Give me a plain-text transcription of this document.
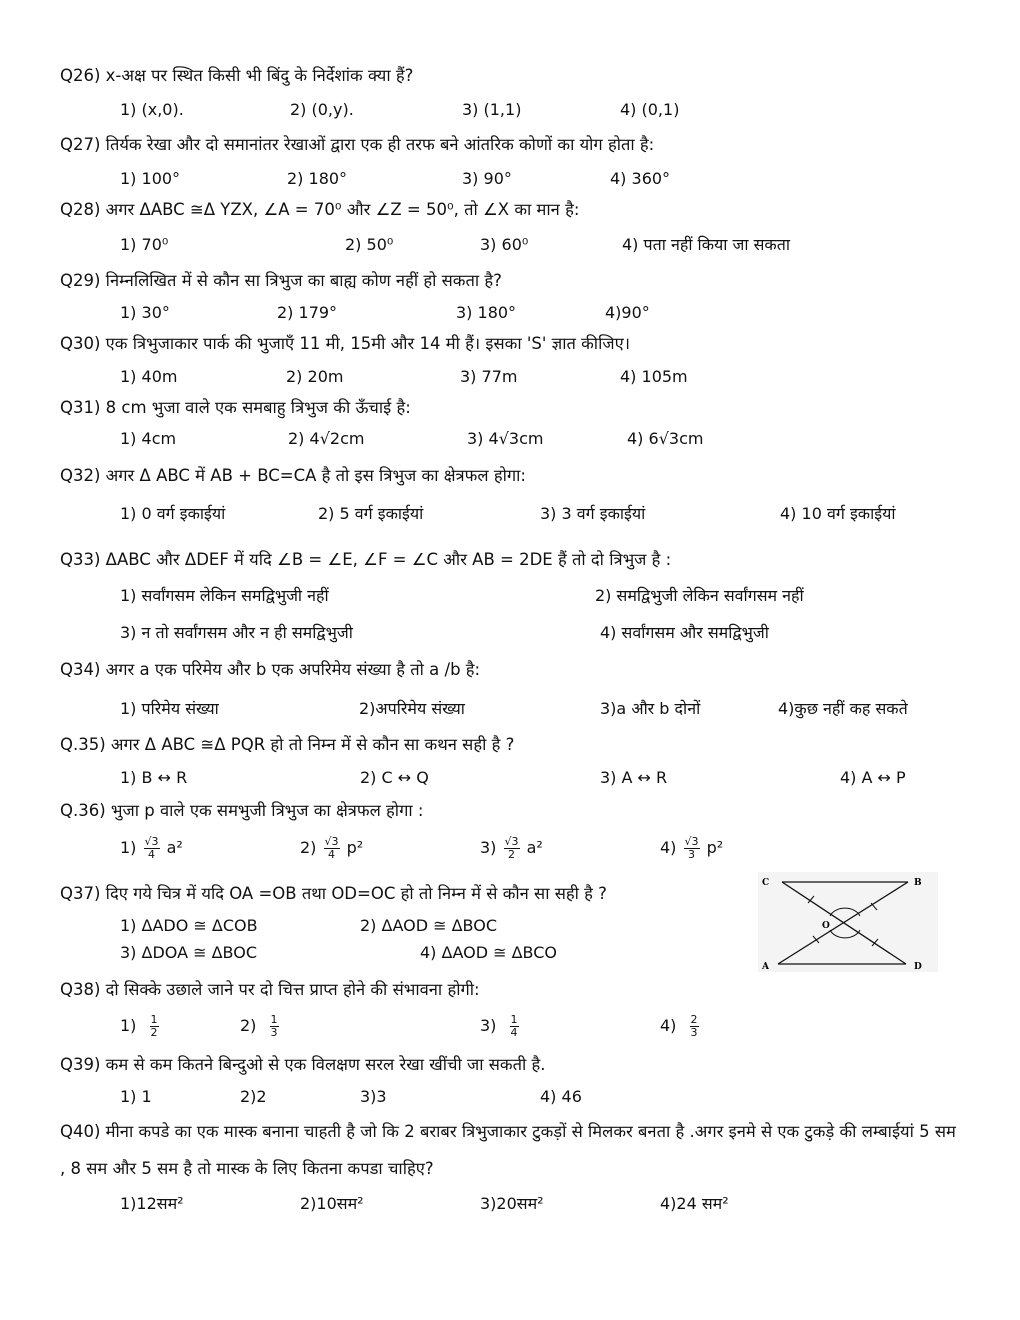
Q26) x-अक्ष पर स्थित किसी भी बिंदु के निर्देशांक क्या हैं?
1) (x,0).	2) (0,y).	3) (1,1)	4) (0,1)
Q27) तिर्यक रेखा और दो समानांतर रेखाओं द्वारा एक ही तरफ बने आंतरिक कोणों का योग होता है:
1) 100°	2) 180°	3) 90°	4) 360°
Q28) अगर ΔABC ≅Δ YZX, ∠A = 70⁰ और ∠Z = 50⁰, तो ∠X का मान है:
1) 70⁰	2) 50⁰	3) 60⁰	4) पता नहीं किया जा सकता
Q29) निम्नलिखित में से कौन सा त्रिभुज का बाह्य कोण नहीं हो सकता है?
1) 30°	2) 179°	3) 180°	4)90°
Q30) एक त्रिभुजाकार पार्क की भुजाएँ 11 मी, 15मी और 14 मी हैं। इसका 'S' ज्ञात कीजिए।
1) 40m	2) 20m	3) 77m	4) 105m
Q31) 8 cm भुजा वाले एक समबाहु त्रिभुज की ऊँचाई है:
1) 4cm	2) 4√2cm	3) 4√3cm	4) 6√3cm
Q32) अगर Δ ABC में AB + BC=CA है तो इस त्रिभुज का क्षेत्रफल होगा:
1) 0 वर्ग इकाईयां	2) 5 वर्ग इकाईयां	3) 3 वर्ग इकाईयां	4) 10 वर्ग इकाईयां
Q33) ΔABC और ΔDEF में यदि ∠B = ∠E, ∠F = ∠C और AB = 2DE हैं तो दो त्रिभुज है :
1) सर्वांगसम लेकिन समद्विभुजी नहीं	2) समद्विभुजी लेकिन सर्वांगसम नहीं
3) न तो सर्वांगसम और न ही समद्विभुजी	4) सर्वांगसम और समद्विभुजी
Q34) अगर a एक परिमेय और b एक अपरिमेय संख्या है तो a /b है:
1) परिमेय संख्या	2)अपरिमेय संख्या	3)a और b दोनों	4)कुछ नहीं कह सकते
Q.35) अगर Δ ABC ≅Δ PQR हो तो निम्न में से कौन सा कथन सही है ?
1) B ↔ R	2) C ↔ Q	3) A ↔ R	4) A ↔ P
Q.36) भुजा p वाले एक समभुजी त्रिभुज का क्षेत्रफल होगा :
$1) \frac{√3}{4} a^2$	$2) \frac{√3}{4} p^2$	$3) \frac{√3}{2} a^2$	$4) \frac{√3}{3} p^2$
Q37) दिए गये चित्र में यदि OA =OB तथा OD=OC हो तो निम्न में से कौन सा सही है ?
1) ΔADO ≅ ΔCOB	2) ΔAOD ≅ ΔBOC
3) ΔDOA ≅ ΔBOC	4) ΔAOD ≅ ΔBCO
C	B
O
A	D
Q38) दो सिक्के उछाले जाने पर दो चित्त प्राप्त होने की संभावना होगी:
$1) \frac{1}{2}$	$2) \frac{1}{3}$	$3) \frac{1}{4}$	$4) \frac{2}{3}$
Q39) कम से कम कितने बिन्दुओ से एक विलक्षण सरल रेखा खींची जा सकती है.
1) 1	2)2	3)3	4) 46
Q40) मीना कपडे का एक मास्क बनाना चाहती है जो कि 2 बराबर त्रिभुजाकार टुकड़ों से मिलकर बनता है .अगर इनमे से एक टुकड़े की लम्बाईयां 5 सम , 8 सम और 5 सम है तो मास्क के लिए कितना कपडा चाहिए?
1)12सम²	2)10सम²	3)20सम²	4)24 सम²
